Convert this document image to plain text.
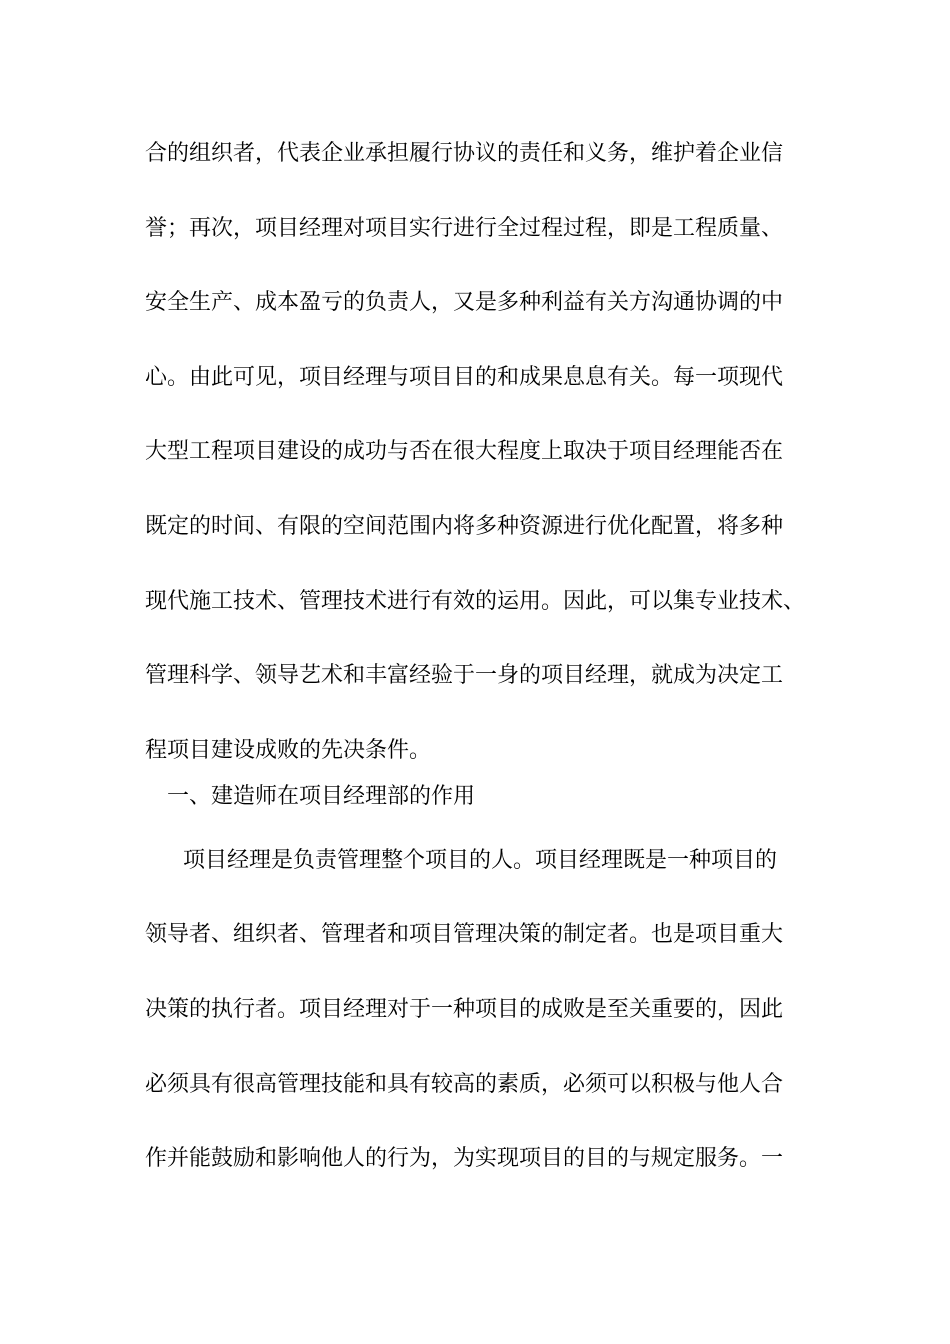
合的组织者，代表企业承担履行协议的责任和义务，维护着企业信
誉；再次，项目经理对项目实行进行全过程过程，即是工程质量、
安全生产、成本盈亏的负责人，又是多种利益有关方沟通协调的中
心。由此可见，项目经理与项目目的和成果息息有关。每一项现代
大型工程项目建设的成功与否在很大程度上取决于项目经理能否在
既定的时间、有限的空间范围内将多种资源进行优化配置，将多种
现代施工技术、管理技术进行有效的运用。因此，可以集专业技术、
管理科学、领导艺术和丰富经验于一身的项目经理，就成为决定工
程项目建设成败的先决条件。
一、建造师在项目经理部的作用
项目经理是负责管理整个项目的人。项目经理既是一种项目的
领导者、组织者、管理者和项目管理决策的制定者。也是项目重大
决策的执行者。项目经理对于一种项目的成败是至关重要的，因此
必须具有很高管理技能和具有较高的素质，必须可以积极与他人合
作并能鼓励和影响他人的行为，为实现项目的目的与规定服务。一
